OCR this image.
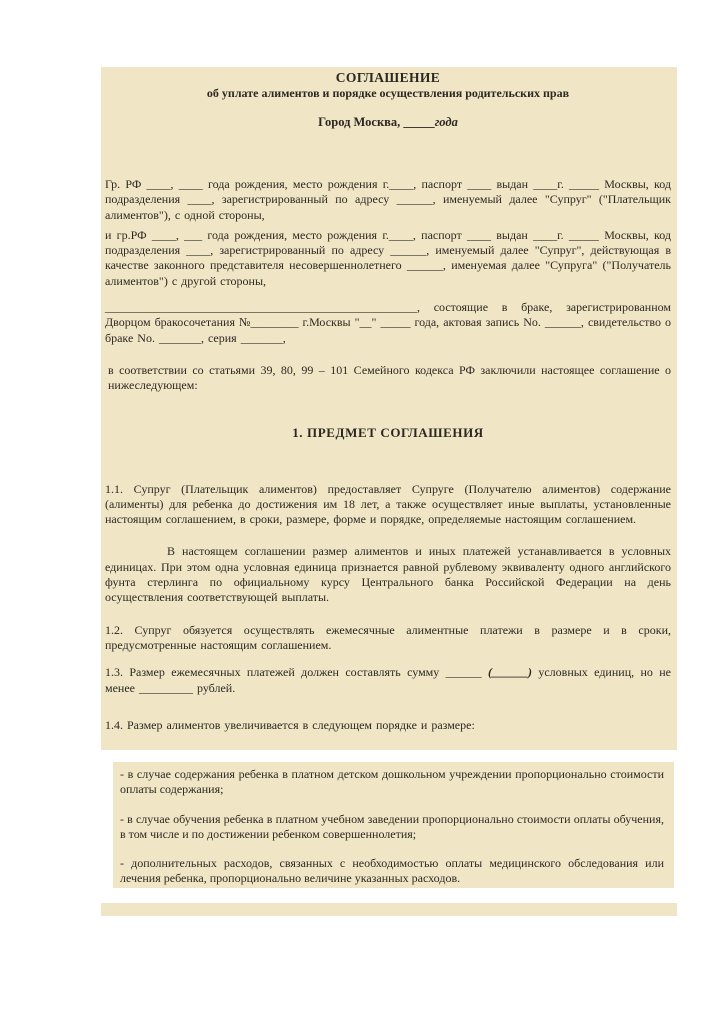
СОГЛАШЕНИЕ
об уплате алиментов и порядке осуществления родительских прав
Город Москва, _____года
Гр. РФ ____, ____ года рождения, место рождения г.____, паспорт ____ выдан ____г. _____ Москвы, код подразделения ____, зарегистрированный по адресу ______, именуемый далее "Супруг" ("Плательщик алиментов"), с одной стороны,
и гр.РФ ____, ___ года рождения, место рождения г.____, паспорт ____ выдан ____г. _____ Москвы, код подразделения ____, зарегистрированный по адресу ______, именуемый далее "Супруг", действующая в качестве законного представителя несовершеннолетнего ______, именуемая далее "Супруга" ("Получатель алиментов") с другой стороны,
____________________________________________________, состоящие в браке, зарегистрированном Дворцом бракосочетания №________ г.Москвы "__" _____ года, актовая запись No. ______, свидетельство о браке No. _______, серия _______,
в соответствии со статьями 39, 80, 99 – 101 Семейного кодекса РФ заключили настоящее соглашение о нижеследующем:
1. ПРЕДМЕТ СОГЛАШЕНИЯ
1.1. Супруг (Плательщик алиментов) предоставляет Супруге (Получателю алиментов) содержание (алименты) для ребенка до достижения им 18 лет, а также осуществляет иные выплаты, установленные настоящим соглашением, в сроки, размере, форме и порядке, определяемые настоящим соглашением.
В настоящем соглашении размер алиментов и иных платежей устанавливается в условных единицах. При этом одна условная единица признается равной рублевому эквиваленту одного английского фунта стерлинга по официальному курсу Центрального банка Российской Федерации на день осуществления соответствующей выплаты.
1.2. Супруг обязуется осуществлять ежемесячные алиментные платежи в размере и в сроки, предусмотренные настоящим соглашением.
1.3. Размер ежемесячных платежей должен составлять сумму ______ (______) условных единиц, но не менее _________ рублей.
1.4. Размер алиментов увеличивается в следующем порядке и размере:
- в случае содержания ребенка в платном детском дошкольном учреждении пропорционально стоимости оплаты содержания;
- в случае обучения ребенка в платном учебном заведении пропорционально стоимости оплаты обучения, в том числе и по достижении ребенком совершеннолетия;
- дополнительных расходов, связанных с необходимостью оплаты медицинского обследования или лечения ребенка, пропорционально величине указанных расходов.
